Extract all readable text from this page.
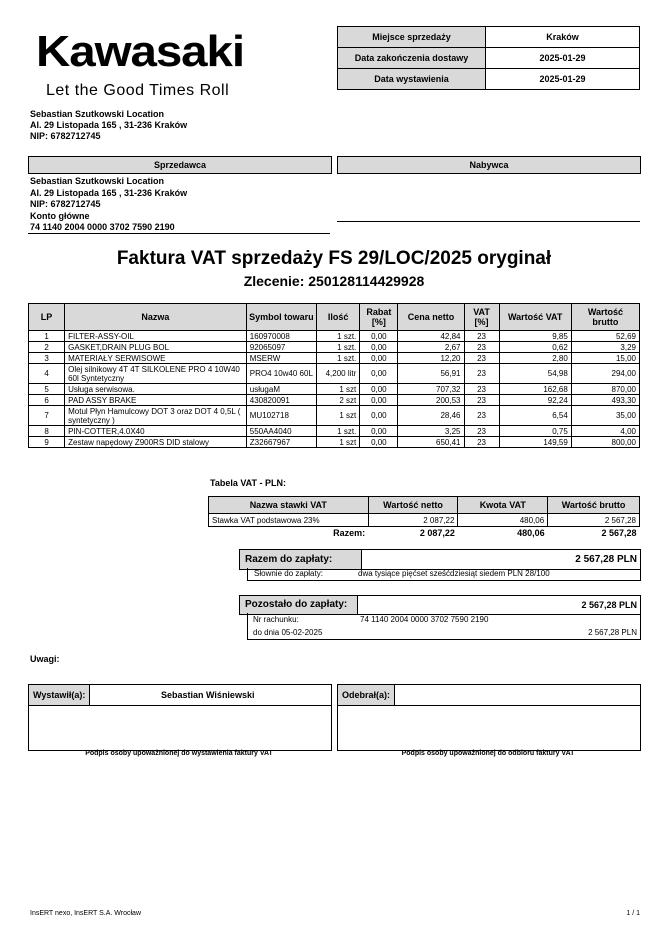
Kawasaki
Let the Good Times Roll
Sebastian Szutkowski Location
Al. 29 Listopada 165 , 31-236 Kraków
NIP: 6782712745
Miejsce sprzedaży	Kraków
Data zakończenia dostawy	2025-01-29
Data wystawienia	2025-01-29
Sprzedawca	Nabywca
Sebastian Szutkowski Location
Al. 29 Listopada 165 , 31-236 Kraków
NIP: 6782712745
Konto główne
74 1140 2004 0000 3702 7590 2190
Faktura VAT sprzedaży FS 29/LOC/2025 oryginał
Zlecenie: 250128114429928
LP	Nazwa	Symbol towaru	Ilość	Rabat [%]	Cena netto	VAT [%]	Wartość VAT	Wartość brutto
1	FILTER-ASSY-OIL	160970008	1 szt.	0,00	42,84	23	9,85	52,69
2	GASKET,DRAIN PLUG BOL	92065097	1 szt.	0,00	2,67	23	0,62	3,29
3	MATERIAŁY SERWISOWE	MSERW	1 szt.	0,00	12,20	23	2,80	15,00
4	Olej silnikowy 4T 4T SILKOLENE PRO 4 10W40 60l Syntetyczny	PRO4 10w40 60L	4,200 litr	0,00	56,91	23	54,98	294,00
5	Usługa serwisowa.	usługaM	1 szt	0,00	707,32	23	162,68	870,00
6	PAD ASSY BRAKE	430820091	2 szt	0,00	200,53	23	92,24	493,30
7	Motul Płyn Hamulcowy DOT 3 oraz DOT 4 0,5L ( syntetyczny )	MU102718	1 szt	0,00	28,46	23	6,54	35,00
8	PIN-COTTER,4.0X40	550AA4040	1 szt.	0,00	3,25	23	0,75	4,00
9	Zestaw napędowy Z900RS DID stalowy	Z32667967	1 szt	0,00	650,41	23	149,59	800,00
Tabela VAT - PLN:
Nazwa stawki VAT	Wartość netto	Kwota VAT	Wartość brutto
Stawka VAT podstawowa 23%	2 087,22	480,06	2 567,28
Razem:	2 087,22	480,06	2 567,28
Razem do zapłaty:	2 567,28 PLN
Słownie do zapłaty:	dwa tysiące pięćset sześćdziesiąt siedem PLN 28/100
Pozostało do zapłaty:	2 567,28 PLN
Nr rachunku:	74 1140 2004 0000 3702 7590 2190
do dnia 05-02-2025	2 567,28 PLN
Uwagi:
Wystawił(a):	Sebastian Wiśniewski	Odebrał(a):
Podpis osoby upoważnionej do wystawienia faktury VAT	Podpis osoby upoważnionej do odbioru faktury VAT
InsERT nexo, InsERT S.A. Wrocław	1 / 1
